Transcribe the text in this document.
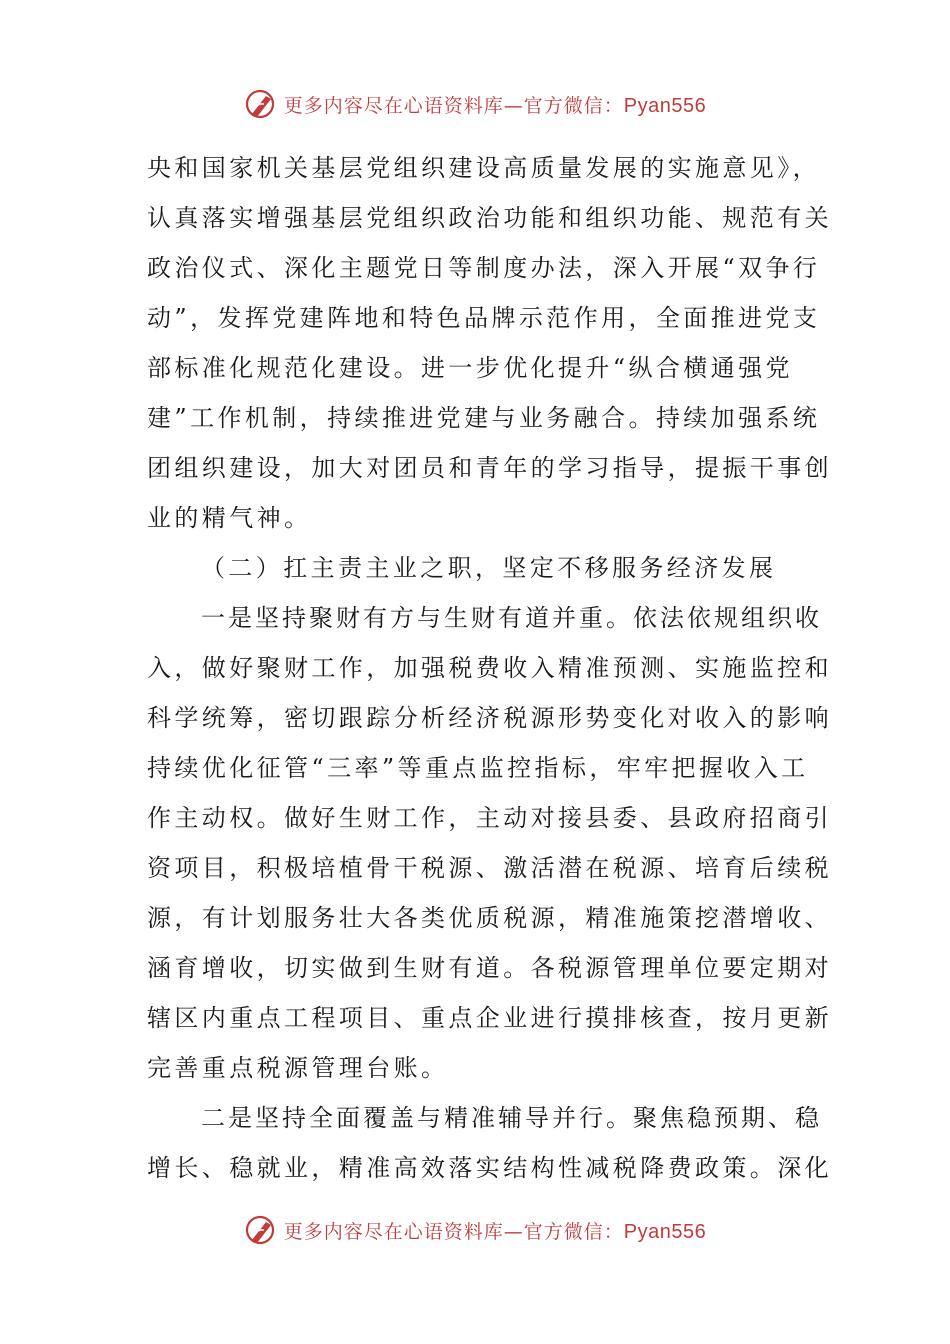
更多内容尽在心语资料库—官方微信：Pyan556
央和国家机关基层党组织建设高质量发展的实施意见》，
认真落实增强基层党组织政治功能和组织功能、规范有关
政治仪式、深化主题党日等制度办法，深入开展“双争行
动”，发挥党建阵地和特色品牌示范作用，全面推进党支
部标准化规范化建设。进一步优化提升“纵合横通强党
建”工作机制，持续推进党建与业务融合。持续加强系统
团组织建设，加大对团员和青年的学习指导，提振干事创
业的精气神。
（二）扛主责主业之职，坚定不移服务经济发展
一是坚持聚财有方与生财有道并重。依法依规组织收
入，做好聚财工作，加强税费收入精准预测、实施监控和
科学统筹，密切跟踪分析经济税源形势变化对收入的影响
持续优化征管“三率”等重点监控指标，牢牢把握收入工
作主动权。做好生财工作，主动对接县委、县政府招商引
资项目，积极培植骨干税源、激活潜在税源、培育后续税
源，有计划服务壮大各类优质税源，精准施策挖潜增收、
涵育增收，切实做到生财有道。各税源管理单位要定期对
辖区内重点工程项目、重点企业进行摸排核查，按月更新
完善重点税源管理台账。
二是坚持全面覆盖与精准辅导并行。聚焦稳预期、稳
增长、稳就业，精准高效落实结构性减税降费政策。深化
更多内容尽在心语资料库—官方微信：Pyan556
